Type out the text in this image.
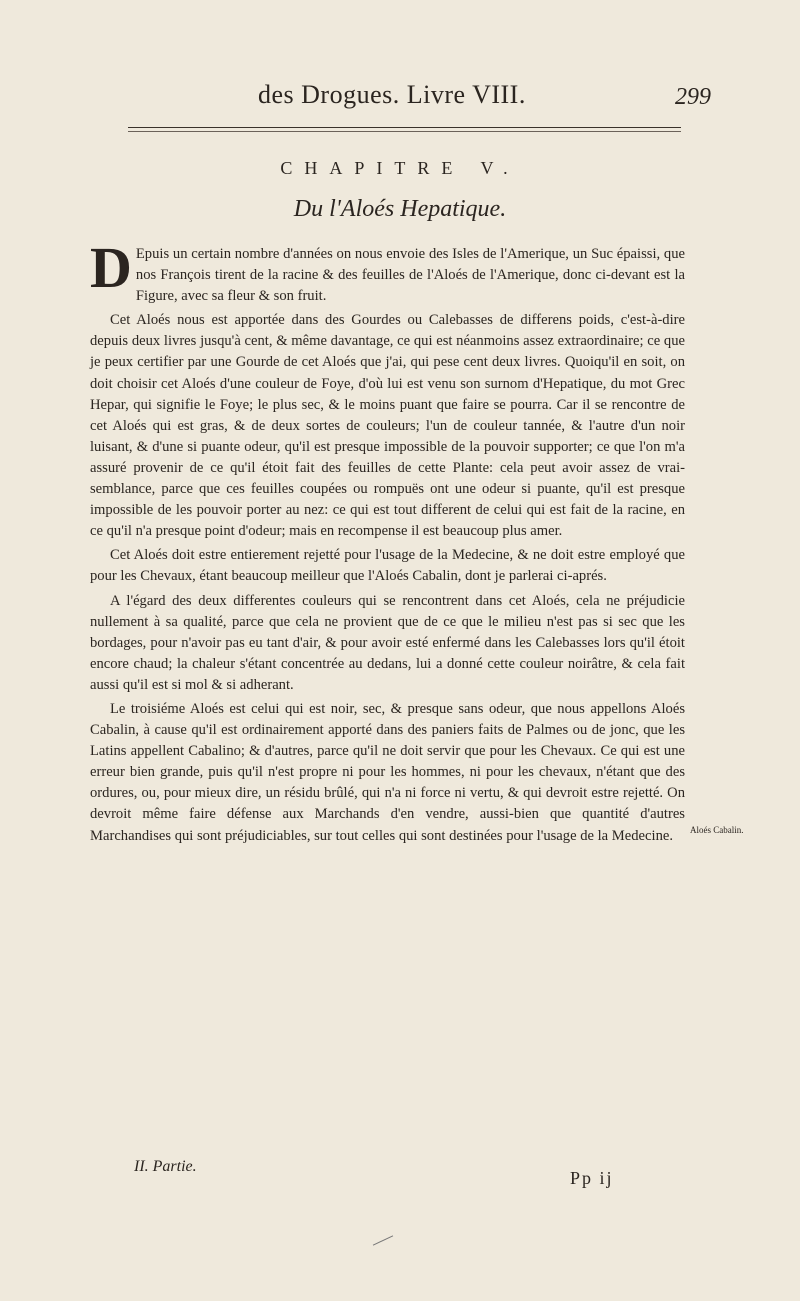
des Drogues. Livre VIII.	299
CHAPITRE V.
Du l'Aloés Hepatique.

D Epuis un certain nombre d'années on nous envoie des Isles de l'Amerique, un Suc épaissi, que nos François tirent de la racine & des feuilles de l'Aloés de l'Amerique, donc ci-devant est la Figure, avec sa fleur & son fruit.

Cet Aloés nous est apportée dans des Gourdes ou Calebasses de differens poids, c'est-à-dire depuis deux livres jusqu'à cent, & même davantage, ce qui est néanmoins assez extraordinaire; ce que je peux certifier par une Gourde de cet Aloés que j'ai, qui pese cent deux livres. Quoiqu'il en soit, on doit choisir cet Aloés d'une couleur de Foye, d'où lui est venu son surnom d'Hepatique, du mot Grec Hepar, qui signifie le Foye; le plus sec, & le moins puant que faire se pourra. Car il se rencontre de cet Aloés qui est gras, & de deux sortes de couleurs; l'un de couleur tannée, & l'autre d'un noir luisant, & d'une si puante odeur, qu'il est presque impossible de la pouvoir supporter; ce que l'on m'a assuré provenir de ce qu'il étoit fait des feuilles de cette Plante: cela peut avoir assez de vrai-semblance, parce que ces feuilles coupées ou rompuës ont une odeur si puante, qu'il est presque impossible de les pouvoir porter au nez: ce qui est tout different de celui qui est fait de la racine, en ce qu'il n'a presque point d'odeur; mais en recompense il est beaucoup plus amer.

Cet Aloés doit estre entierement rejetté pour l'usage de la Medecine, & ne doit estre employé que pour les Chevaux, étant beaucoup meilleur que l'Aloés Cabalin, dont je parlerai ci-aprés.

A l'égard des deux differentes couleurs qui se rencontrent dans cet Aloés, cela ne préjudicie nullement à sa qualité, parce que cela ne provient que de ce que le milieu n'est pas si sec que les bordages, pour n'avoir pas eu tant d'air, & pour avoir esté enfermé dans les Calebasses lors qu'il étoit encore chaud; la chaleur s'étant concentrée au dedans, lui a donné cette couleur noirâtre, & cela fait aussi qu'il est si mol & si adherant.

Le troisiéme Aloés est celui qui est noir, sec, & presque sans odeur, que nous appellons Aloés Cabalin, à cause qu'il est ordinairement apporté dans des paniers faits de Palmes ou de jonc, que les Latins appellent Cabalino; & d'autres, parce qu'il ne doit servir que pour les Chevaux. Ce qui est une erreur bien grande, puis qu'il n'est propre ni pour les hommes, ni pour les chevaux, n'étant que des ordures, ou, pour mieux dire, un résidu brûlé, qui n'a ni force ni vertu, & qui devroit estre rejetté. On devroit même faire défense aux Marchands d'en vendre, aussi-bien que quantité d'autres Marchandises qui sont préjudiciables, sur tout celles qui sont destinées pour l'usage de la Medecine.	Aloés Cabalin.
II. Partie.
Pp ij
